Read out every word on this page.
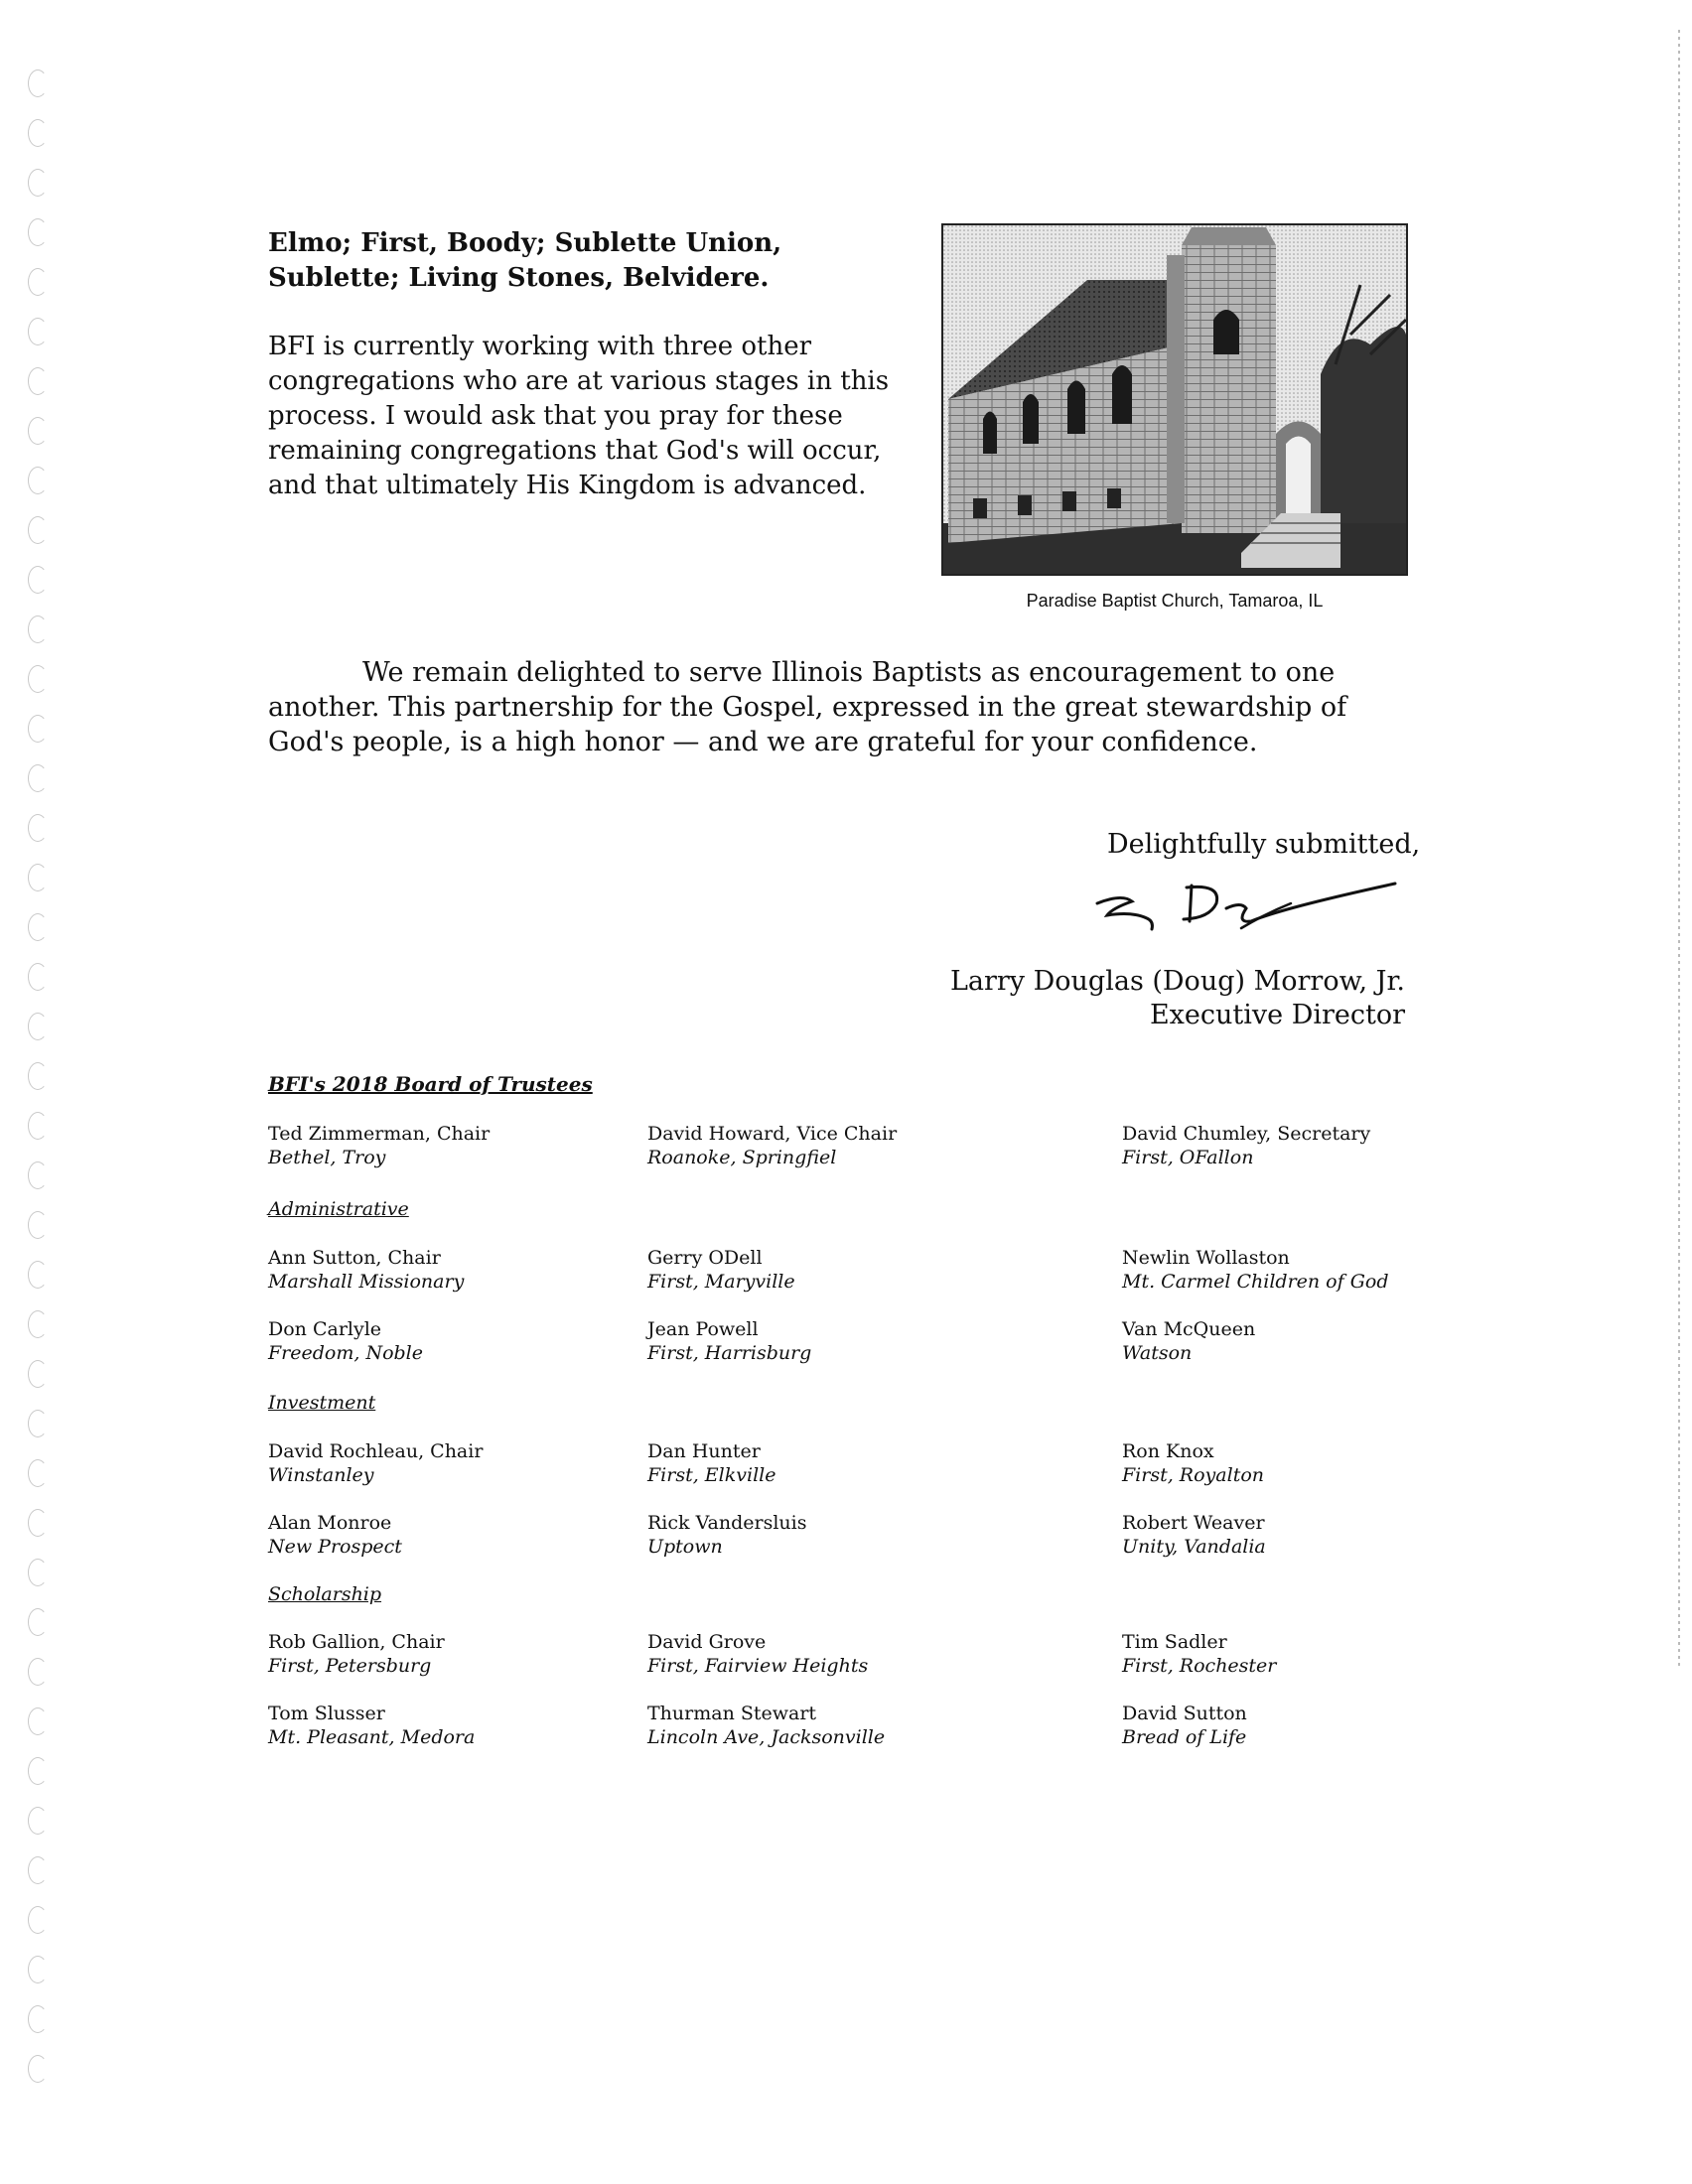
Elmo; First, Boody; Sublette Union, Sublette; Living Stones, Belvidere.
BFI is currently working with three other congregations who are at various stages in this process. I would ask that you pray for these remaining congregations that God's will occur, and that ultimately His Kingdom is advanced.
Paradise Baptist Church, Tamaroa, IL
We remain delighted to serve Illinois Baptists as encouragement to one another. This partnership for the Gospel, expressed in the great stewardship of God's people, is a high honor — and we are grateful for your confidence.
Delightfully submitted,
Larry Douglas (Doug) Morrow, Jr.
Executive Director
BFI's 2018 Board of Trustees
Ted Zimmerman, Chair
Bethel, Troy
David Howard, Vice Chair
Roanoke, Springfiel
David Chumley, Secretary
First, OFallon
Administrative
Ann Sutton, Chair
Marshall Missionary
Gerry ODell
First, Maryville
Newlin Wollaston
Mt. Carmel Children of God
Don Carlyle
Freedom, Noble
Jean Powell
First, Harrisburg
Van McQueen
Watson
Investment
David Rochleau, Chair
Winstanley
Dan Hunter
First, Elkville
Ron Knox
First, Royalton
Alan Monroe
New Prospect
Rick Vandersluis
Uptown
Robert Weaver
Unity, Vandalia
Scholarship
Rob Gallion, Chair
First, Petersburg
David Grove
First, Fairview Heights
Tim Sadler
First, Rochester
Tom Slusser
Mt. Pleasant, Medora
Thurman Stewart
Lincoln Ave, Jacksonville
David Sutton
Bread of Life
